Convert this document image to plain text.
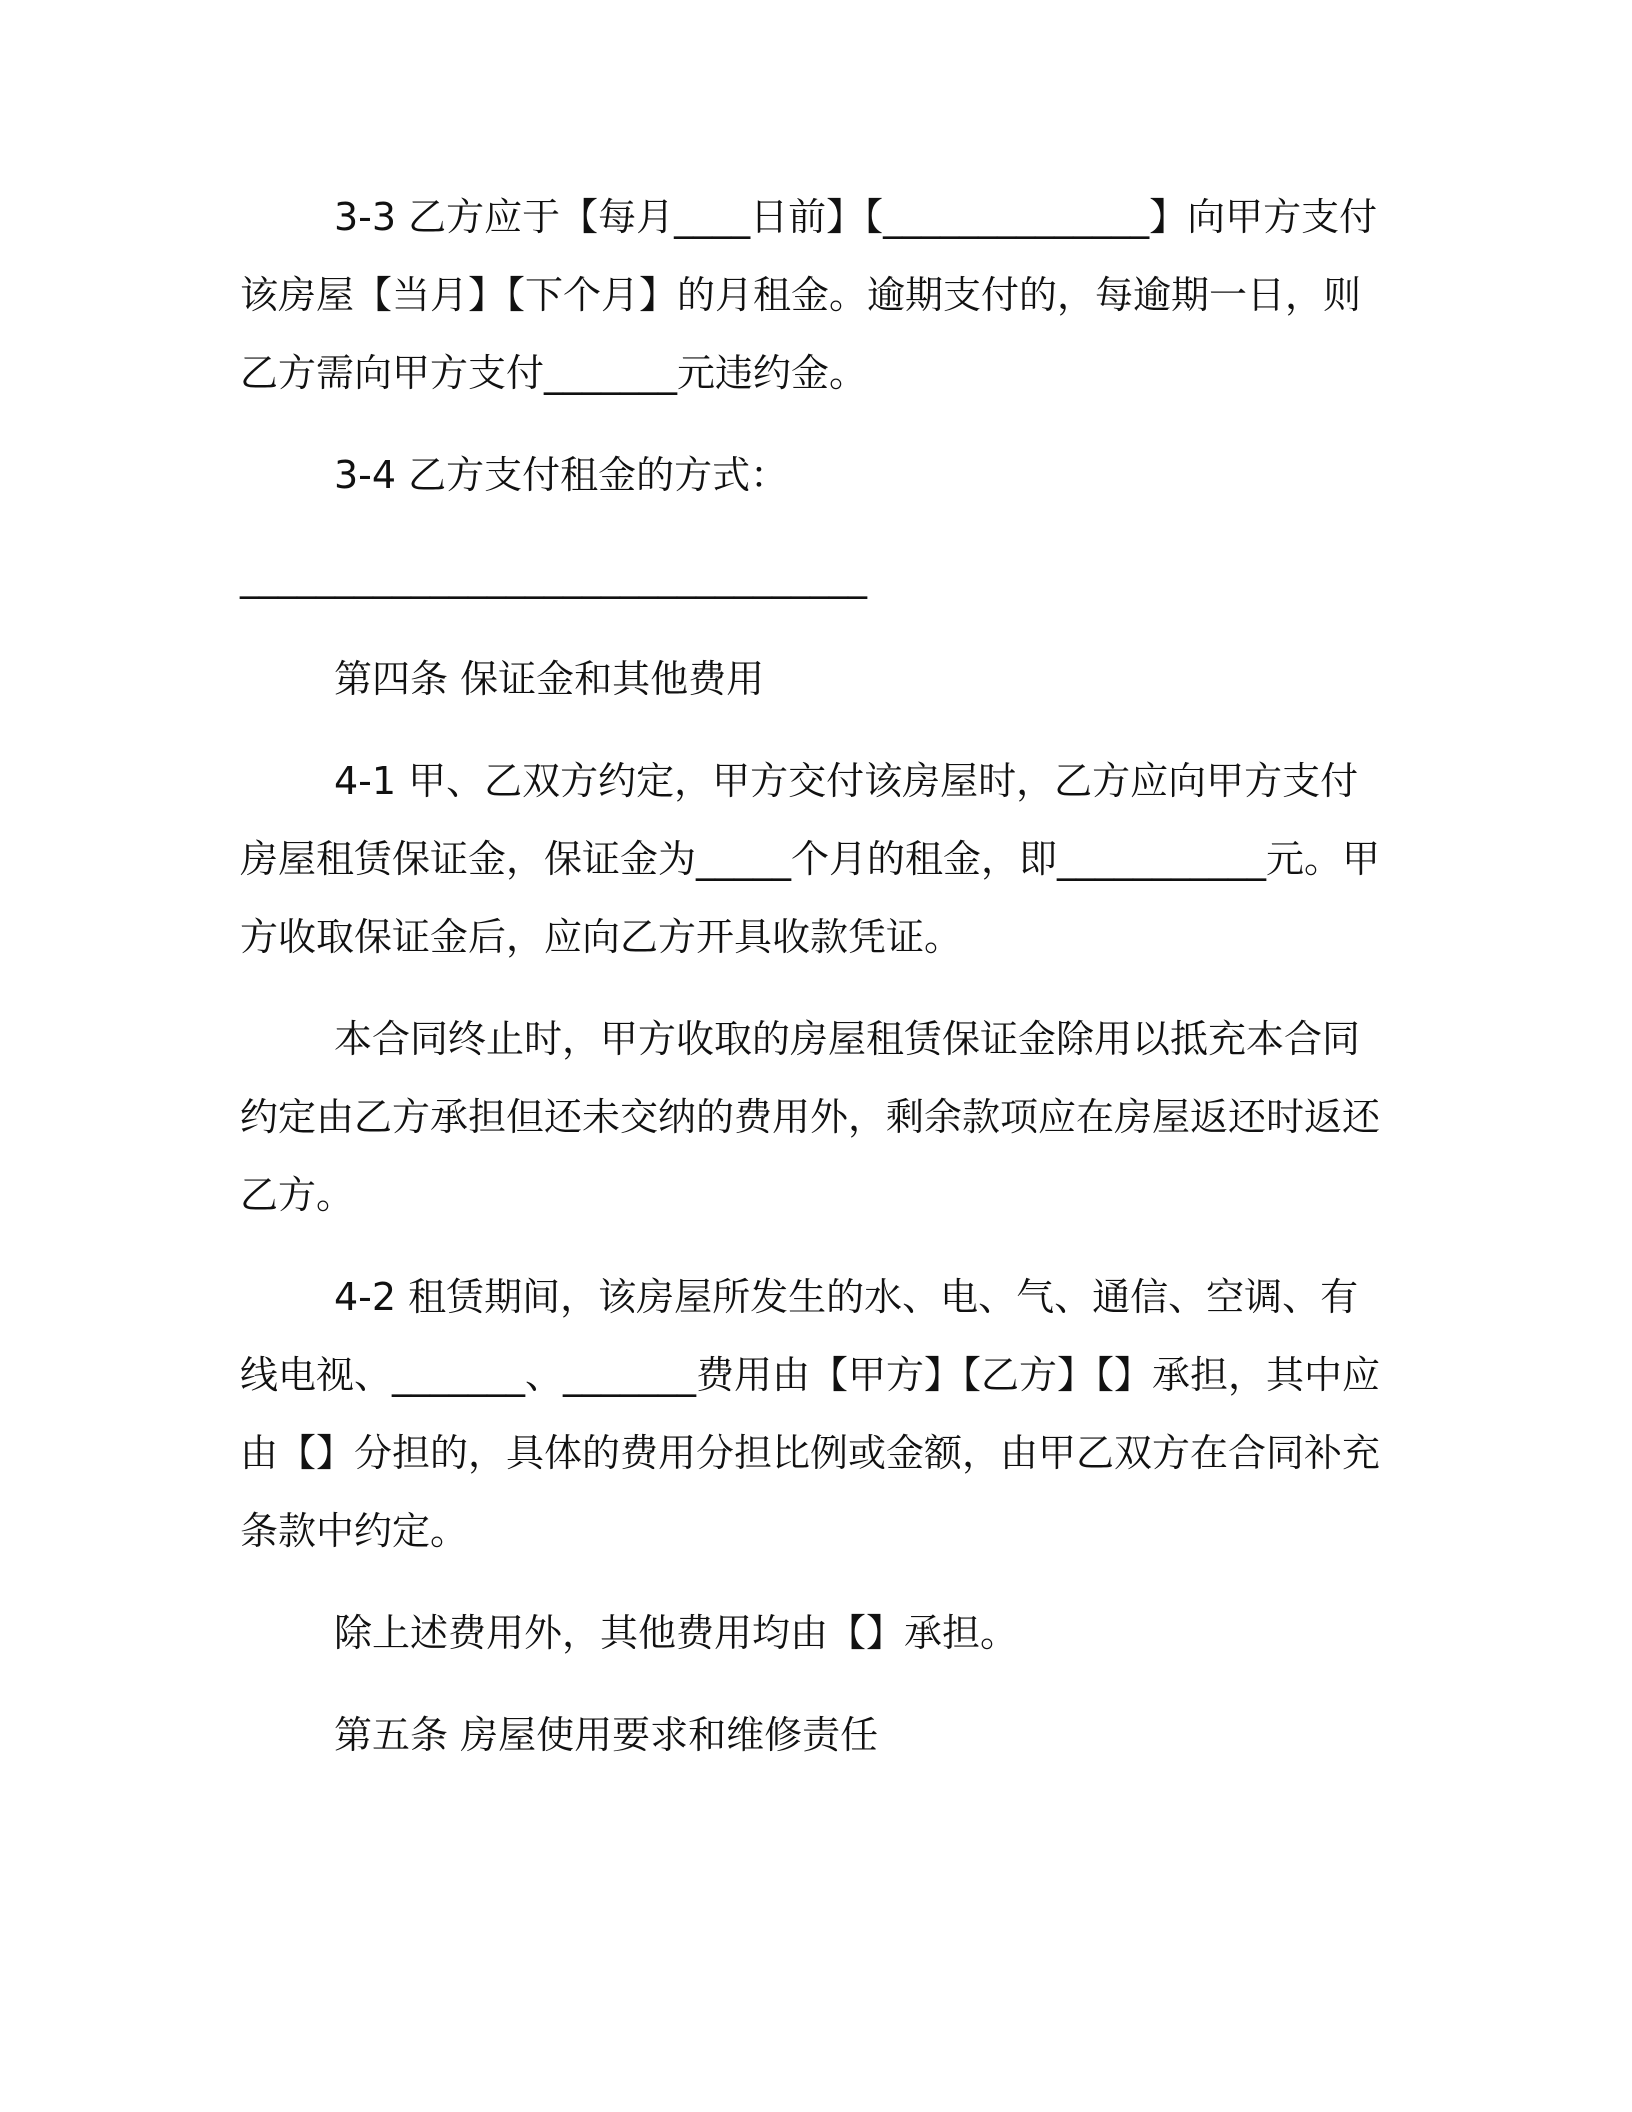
3-3 乙方应于【每月____日前】【______________】向甲方支付该房屋【当月】【下个月】的月租金。逾期支付的，每逾期一日，则乙方需向甲方支付_______元违约金。

3-4 乙方支付租金的方式：

_________________________________

第四条 保证金和其他费用

4-1 甲、乙双方约定，甲方交付该房屋时，乙方应向甲方支付房屋租赁保证金，保证金为_____个月的租金，即___________元。甲方收取保证金后，应向乙方开具收款凭证。

本合同终止时，甲方收取的房屋租赁保证金除用以抵充本合同约定由乙方承担但还未交纳的费用外，剩余款项应在房屋返还时返还乙方。

4-2 租赁期间，该房屋所发生的水、电、气、通信、空调、有线电视、_______、_______费用由【甲方】【乙方】【】承担，其中应由【】分担的，具体的费用分担比例或金额，由甲乙双方在合同补充条款中约定。

除上述费用外，其他费用均由【】承担。

第五条 房屋使用要求和维修责任
